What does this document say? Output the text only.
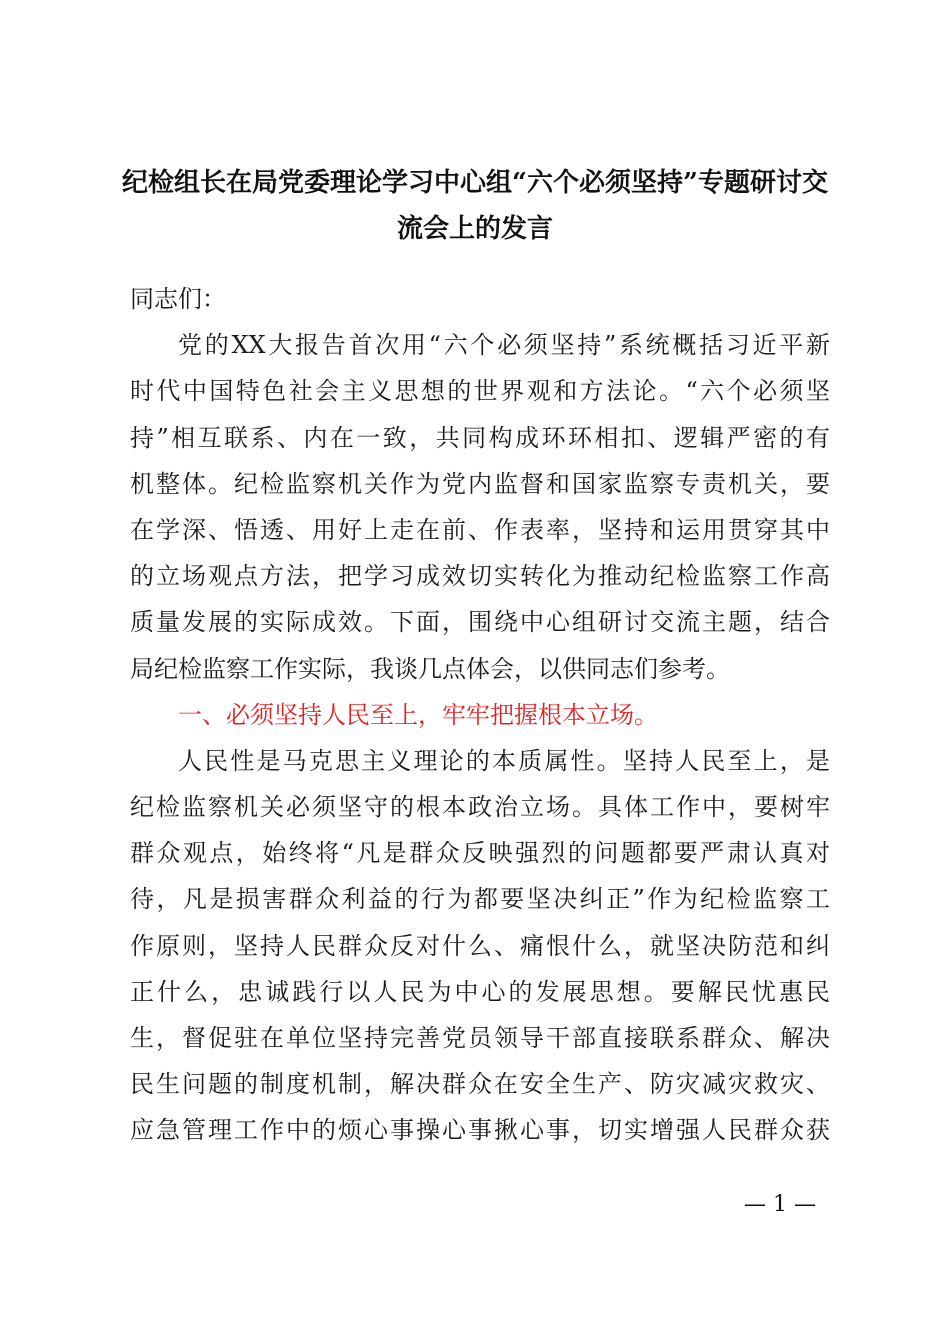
纪检组长在局党委理论学习中心组“六个必须坚持”专题研讨交
流会上的发言
同志们：
党的XX大报告首次用“六个必须坚持”系统概括习近平新
时代中国特色社会主义思想的世界观和方法论。“六个必须坚
持”相互联系、内在一致，共同构成环环相扣、逻辑严密的有
机整体。纪检监察机关作为党内监督和国家监察专责机关，要
在学深、悟透、用好上走在前、作表率，坚持和运用贯穿其中
的立场观点方法，把学习成效切实转化为推动纪检监察工作高
质量发展的实际成效。下面，围绕中心组研讨交流主题，结合
局纪检监察工作实际，我谈几点体会，以供同志们参考。
一、必须坚持人民至上，牢牢把握根本立场。
人民性是马克思主义理论的本质属性。坚持人民至上，是
纪检监察机关必须坚守的根本政治立场。具体工作中，要树牢
群众观点，始终将“凡是群众反映强烈的问题都要严肃认真对
待，凡是损害群众利益的行为都要坚决纠正”作为纪检监察工
作原则，坚持人民群众反对什么、痛恨什么，就坚决防范和纠
正什么，忠诚践行以人民为中心的发展思想。要解民忧惠民
生，督促驻在单位坚持完善党员领导干部直接联系群众、解决
民生问题的制度机制，解决群众在安全生产、防灾减灾救灾、
应急管理工作中的烦心事操心事揪心事，切实增强人民群众获
— 1 —
